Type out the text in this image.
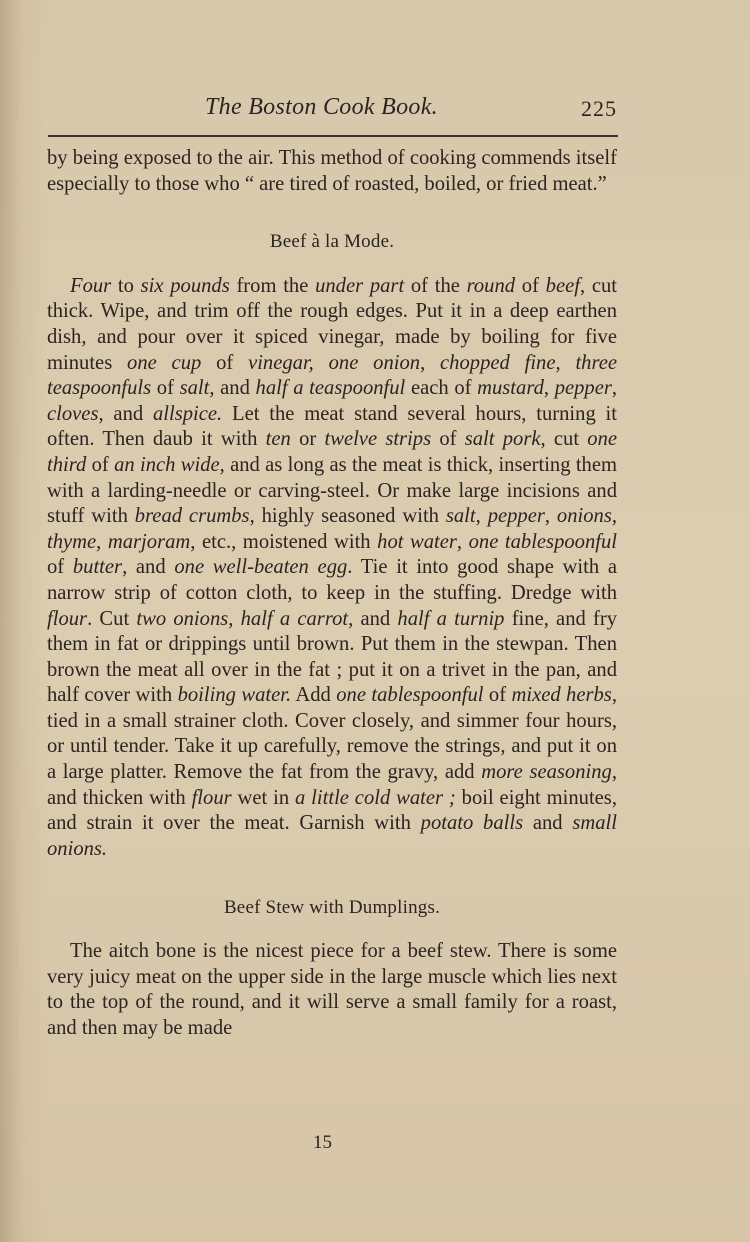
The Boston Cook Book.	225

by being exposed to the air. This method of cooking commends itself especially to those who “ are tired of roasted, boiled, or fried meat.”

Beef à la Mode.

Four to six pounds from the under part of the round of beef, cut thick. Wipe, and trim off the rough edges. Put it in a deep earthen dish, and pour over it spiced vinegar, made by boiling for five minutes one cup of vinegar, one onion, chopped fine, three teaspoonfuls of salt, and half a teaspoonful each of mustard, pepper, cloves, and allspice. Let the meat stand several hours, turning it often. Then daub it with ten or twelve strips of salt pork, cut one third of an inch wide, and as long as the meat is thick, inserting them with a larding-needle or carving-steel. Or make large incisions and stuff with bread crumbs, highly seasoned with salt, pepper, onions, thyme, marjoram, etc., moistened with hot water, one tablespoonful of butter, and one well-beaten egg. Tie it into good shape with a narrow strip of cotton cloth, to keep in the stuffing. Dredge with flour. Cut two onions, half a carrot, and half a turnip fine, and fry them in fat or drippings until brown. Put them in the stewpan. Then brown the meat all over in the fat ; put it on a trivet in the pan, and half cover with boiling water. Add one tablespoonful of mixed herbs, tied in a small strainer cloth. Cover closely, and simmer four hours, or until tender. Take it up carefully, remove the strings, and put it on a large platter. Remove the fat from the gravy, add more seasoning, and thicken with flour wet in a little cold water ; boil eight minutes, and strain it over the meat. Garnish with potato balls and small onions.

Beef Stew with Dumplings.

The aitch bone is the nicest piece for a beef stew. There is some very juicy meat on the upper side in the large muscle which lies next to the top of the round, and it will serve a small family for a roast, and then may be made

15
